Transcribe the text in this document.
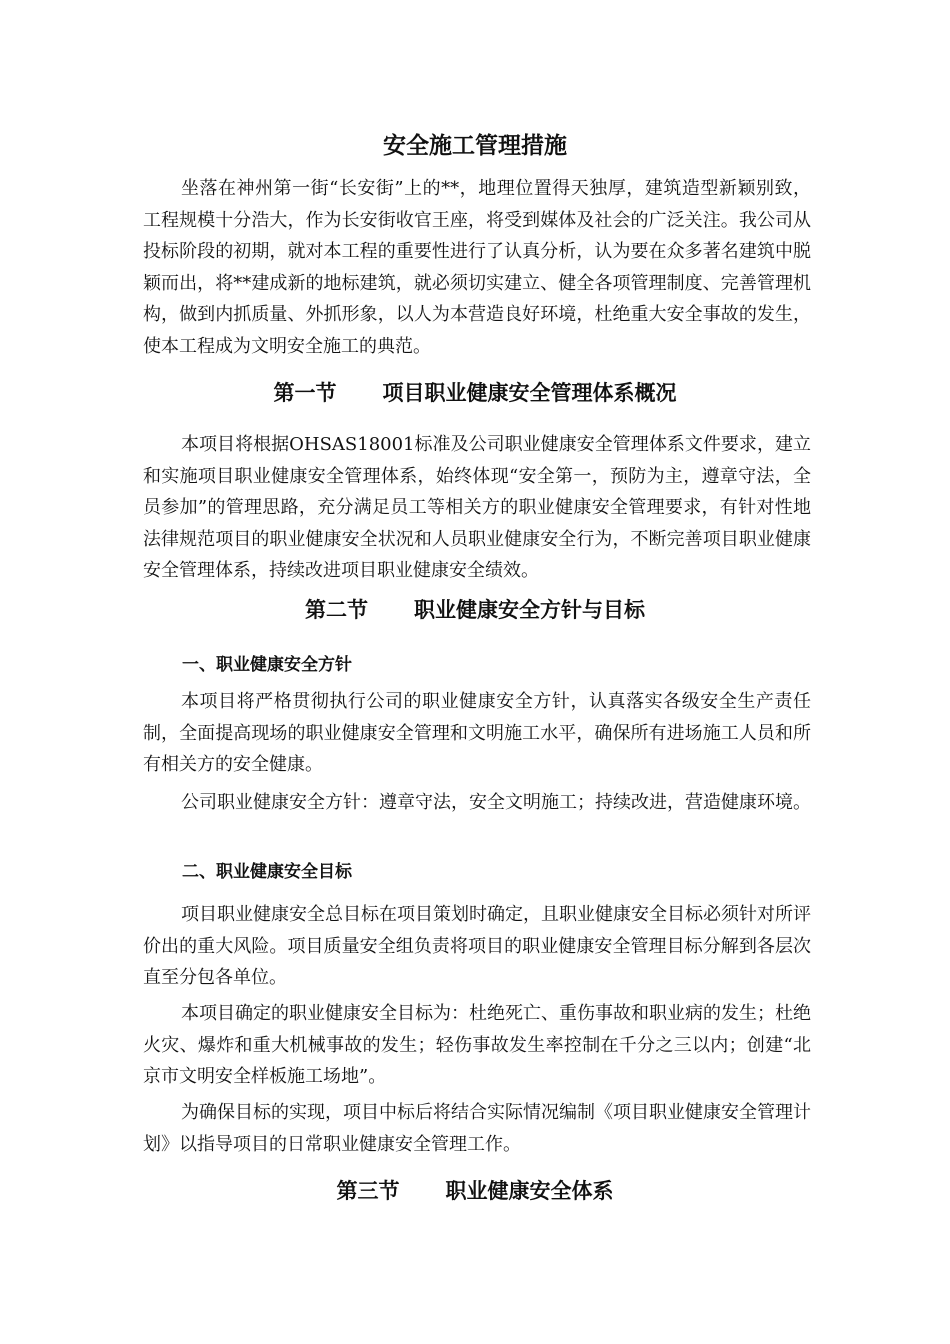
安全施工管理措施

坐落在神州第一街“长安街”上的**，地理位置得天独厚，建筑造型新颖别致，工程规模十分浩大，作为长安街收官王座，将受到媒体及社会的广泛关注。我公司从投标阶段的初期，就对本工程的重要性进行了认真分析，认为要在众多著名建筑中脱颖而出，将**建成新的地标建筑，就必须切实建立、健全各项管理制度、完善管理机构，做到内抓质量、外抓形象，以人为本营造良好环境，杜绝重大安全事故的发生，使本工程成为文明安全施工的典范。

第一节 项目职业健康安全管理体系概况

本项目将根据OHSAS18001标准及公司职业健康安全管理体系文件要求，建立和实施项目职业健康安全管理体系，始终体现“安全第一，预防为主，遵章守法，全员参加”的管理思路，充分满足员工等相关方的职业健康安全管理要求，有针对性地法律规范项目的职业健康安全状况和人员职业健康安全行为，不断完善项目职业健康安全管理体系，持续改进项目职业健康安全绩效。

第二节 职业健康安全方针与目标
一、职业健康安全方针

本项目将严格贯彻执行公司的职业健康安全方针，认真落实各级安全生产责任制，全面提高现场的职业健康安全管理和文明施工水平，确保所有进场施工人员和所有相关方的安全健康。

公司职业健康安全方针：遵章守法，安全文明施工；持续改进，营造健康环境。

二、职业健康安全目标

项目职业健康安全总目标在项目策划时确定，且职业健康安全目标必须针对所评价出的重大风险。项目质量安全组负责将项目的职业健康安全管理目标分解到各层次直至分包各单位。

本项目确定的职业健康安全目标为：杜绝死亡、重伤事故和职业病的发生；杜绝火灾、爆炸和重大机械事故的发生；轻伤事故发生率控制在千分之三以内；创建“北京市文明安全样板施工场地”。

为确保目标的实现，项目中标后将结合实际情况编制《项目职业健康安全管理计划》以指导项目的日常职业健康安全管理工作。

第三节 职业健康安全体系
